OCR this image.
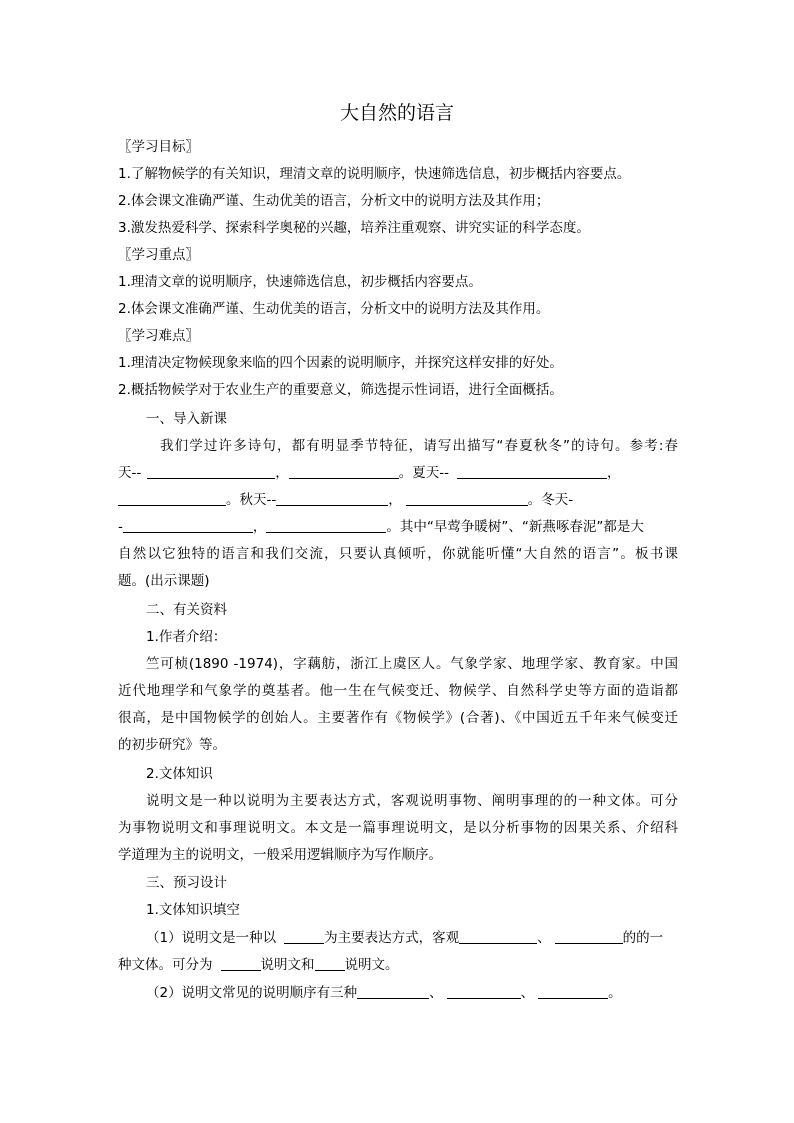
大自然的语言
〖学习目标〗
1.了解物候学的有关知识，理清文章的说明顺序，快速筛选信息，初步概括内容要点。
2.体会课文准确严谨、生动优美的语言，分析文中的说明方法及其作用；
3.激发热爱科学、探索科学奥秘的兴趣，培养注重观察、讲究实证的科学态度。
〖学习重点〗
1.理清文章的说明顺序，快速筛选信息，初步概括内容要点。
2.体会课文准确严谨、生动优美的语言，分析文中的说明方法及其作用。
〖学习难点〗
1.理清决定物候现象来临的四个因素的说明顺序，并探究这样安排的好处。
2.概括物候学对于农业生产的重要意义，筛选提示性词语，进行全面概括。
一、导入新课
我们学过许多诗句，都有明显季节特征，请写出描写“春夏秋冬”的诗句。参考:春
天--	，	。夏天--	，
。秋天--	，	。冬天-
-	，	。其中“早莺争暖树”、“新燕啄春泥”都是大
自然以它独特的语言和我们交流，只要认真倾听，你就能听懂“大自然的语言”。板书课
题。(出示课题)
二、有关资料
1.作者介绍：
竺可桢(1890 -1974)，字藕舫，浙江上虞区人。气象学家、地理学家、教育家。中国
近代地理学和气象学的奠基者。他一生在气候变迁、物候学、自然科学史等方面的造诣都
很高，是中国物候学的创始人。主要著作有《物候学》(合著)、《中国近五千年来气候变迁
的初步研究》等。
2.文体知识
说明文是一种以说明为主要表达方式，客观说明事物、阐明事理的的一种文体。可分
为事物说明文和事理说明文。本文是一篇事理说明文，是以分析事物的因果关系、介绍科
学道理为主的说明文，一般采用逻辑顺序为写作顺序。
三、预习设计
1.文体知识填空
（1）说明文是一种以	为主要表达方式，客观	、	的的一
种文体。可分为	说明文和 说明文。
（2）说明文常见的说明顺序有三种	、	、	。
